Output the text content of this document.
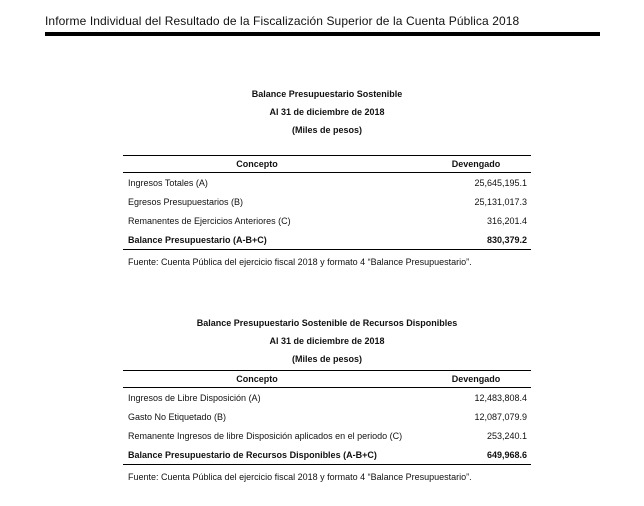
Informe Individual del Resultado de la Fiscalización Superior de la Cuenta Pública 2018
Balance Presupuestario Sostenible
Al 31 de diciembre de 2018
(Miles de pesos)
Concepto	Devengado
Ingresos Totales (A)	25,645,195.1
Egresos Presupuestarios (B)	25,131,017.3
Remanentes de Ejercicios Anteriores (C)	316,201.4
Balance Presupuestario (A-B+C)	830,379.2
Fuente: Cuenta Pública del ejercicio fiscal 2018 y formato 4 “Balance Presupuestario”.
Balance Presupuestario Sostenible de Recursos Disponibles
Al 31 de diciembre de 2018
(Miles de pesos)
Concepto	Devengado
Ingresos de Libre Disposición (A)	12,483,808.4
Gasto No Etiquetado (B)	12,087,079.9
Remanente Ingresos de libre Disposición aplicados en el periodo (C)	253,240.1
Balance Presupuestario de Recursos Disponibles (A-B+C)	649,968.6
Fuente: Cuenta Pública del ejercicio fiscal 2018 y formato 4 “Balance Presupuestario”.
